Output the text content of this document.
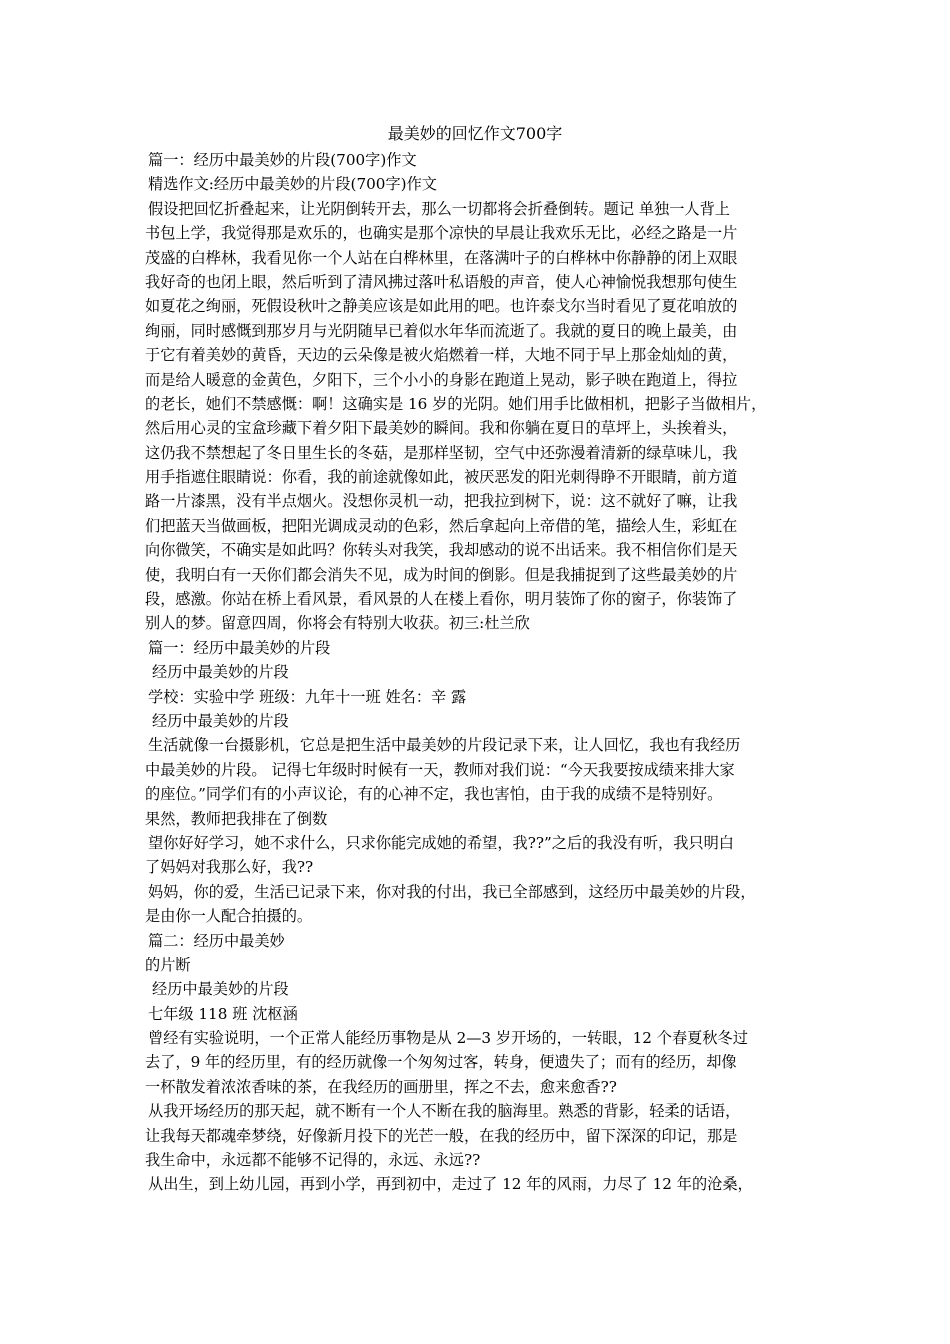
最美妙的回忆作文700字
篇一：经历中最美妙的片段(700字)作文
精选作文:经历中最美妙的片段(700字)作文
假设把回忆折叠起来，让光阴倒转开去，那么一切都将会折叠倒转。题记 单独一人背上
书包上学，我觉得那是欢乐的，也确实是那个凉快的早晨让我欢乐无比，必经之路是一片
茂盛的白桦林，我看见你一个人站在白桦林里，在落满叶子的白桦林中你静静的闭上双眼
我好奇的也闭上眼，然后听到了清风拂过落叶私语般的声音，使人心神愉悦我想那句使生
如夏花之绚丽，死假设秋叶之静美应该是如此用的吧。也许泰戈尔当时看见了夏花咱放的
绚丽，同时感慨到那岁月与光阴随早已着似水年华而流逝了。我就的夏日的晚上最美，由
于它有着美妙的黄昏，天边的云朵像是被火焰燃着一样，大地不同于早上那金灿灿的黄，
而是给人暖意的金黄色，夕阳下，三个小小的身影在跑道上晃动，影子映在跑道上，得拉
的老长，她们不禁感慨：啊！这确实是 16 岁的光阴。她们用手比做相机，把影子当做相片，
然后用心灵的宝盒珍藏下着夕阳下最美妙的瞬间。我和你躺在夏日的草坪上，头挨着头，
这仍我不禁想起了冬日里生长的冬菇，是那样坚韧，空气中还弥漫着清新的绿草味儿，我
用手指遮住眼睛说：你看，我的前途就像如此，被厌恶发的阳光刺得睁不开眼睛，前方道
路一片漆黑，没有半点烟火。没想你灵机一动，把我拉到树下，说：这不就好了嘛，让我
们把蓝天当做画板，把阳光调成灵动的色彩，然后拿起向上帝借的笔，描绘人生，彩虹在
向你微笑，不确实是如此吗？你转头对我笑，我却感动的说不出话来。我不相信你们是天
使，我明白有一天你们都会消失不见，成为时间的倒影。但是我捕捉到了这些最美妙的片
段，感激。你站在桥上看风景，看风景的人在楼上看你，明月装饰了你的窗子，你装饰了
别人的梦。留意四周，你将会有特别大收获。初三:杜兰欣
篇一：经历中最美妙的片段
经历中最美妙的片段
学校：实验中学 班级：九年十一班 姓名：辛 露
经历中最美妙的片段
生活就像一台摄影机，它总是把生活中最美妙的片段记录下来，让人回忆，我也有我经历
中最美妙的片段。 记得七年级时时候有一天，教师对我们说：“今天我要按成绩来排大家
的座位。”同学们有的小声议论，有的心神不定，我也害怕，由于我的成绩不是特别好。
果然，教师把我排在了倒数
望你好好学习，她不求什么，只求你能完成她的希望，我??”之后的我没有听，我只明白
了妈妈对我那么好，我??
妈妈，你的爱，生活已记录下来，你对我的付出，我已全部感到，这经历中最美妙的片段，
是由你一人配合拍摄的。
篇二：经历中最美妙
的片断
经历中最美妙的片段
七年级 118 班 沈枢涵
曾经有实验说明，一个正常人能经历事物是从 2—3 岁开场的，一转眼，12 个春夏秋冬过
去了，9 年的经历里，有的经历就像一个匆匆过客，转身，便遗失了；而有的经历，却像
一杯散发着浓浓香味的茶，在我经历的画册里，挥之不去，愈来愈香??
从我开场经历的那天起，就不断有一个人不断在我的脑海里。熟悉的背影，轻柔的话语，
让我每天都魂牵梦绕，好像新月投下的光芒一般，在我的经历中，留下深深的印记，那是
我生命中，永远都不能够不记得的，永远、永远??
从出生，到上幼儿园，再到小学，再到初中，走过了 12 年的风雨，力尽了 12 年的沧桑，
